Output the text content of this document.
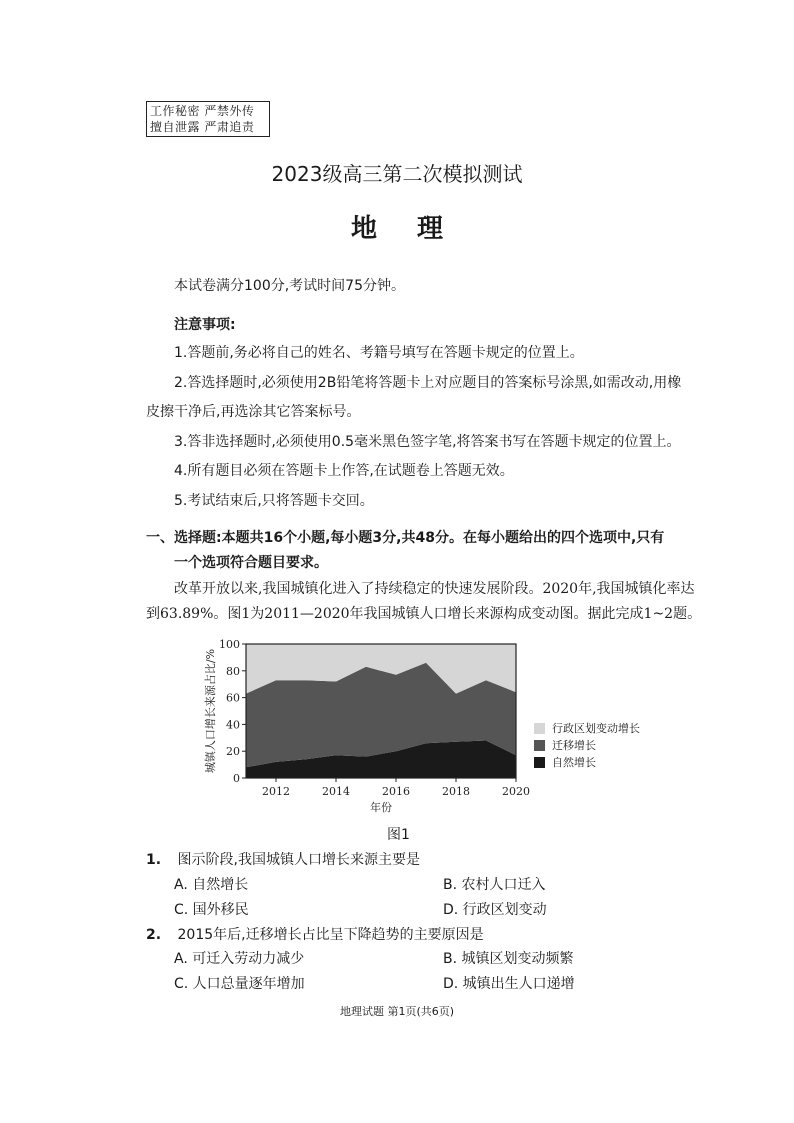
工作秘密 严禁外传
擅自泄露 严肃追责
2023级高三第二次模拟测试
地理
本试卷满分100分,考试时间75分钟。
注意事项:
1.答题前,务必将自己的姓名、考籍号填写在答题卡规定的位置上。
2.答选择题时,必须使用2B铅笔将答题卡上对应题目的答案标号涂黑,如需改动,用橡
皮擦干净后,再选涂其它答案标号。
3.答非选择题时,必须使用0.5毫米黑色签字笔,将答案书写在答题卡规定的位置上。
4.所有题目必须在答题卡上作答,在试题卷上答题无效。
5.考试结束后,只将答题卡交回。
一、选择题:本题共16个小题,每小题3分,共48分。在每小题给出的四个选项中,只有
一个选项符合题目要求。
改革开放以来,我国城镇化进入了持续稳定的快速发展阶段。2020年,我国城镇化率达
到63.89%。图1为2011—2020年我国城镇人口增长来源构成变动图。据此完成1~2题。
0
20
40
60
80
100
2012	2014	2016	2018	2020
城镇人口增长来源占比/%
年份
行政区划变动增长
迁移增长
自然增长
图1
1. 图示阶段,我国城镇人口增长来源主要是
A. 自然增长	B. 农村人口迁入
C. 国外移民	D. 行政区划变动
2. 2015年后,迁移增长占比呈下降趋势的主要原因是
A. 可迁入劳动力减少	B. 城镇区划变动频繁
C. 人口总量逐年增加	D. 城镇出生人口递增
地理试题 第1页(共6页)
